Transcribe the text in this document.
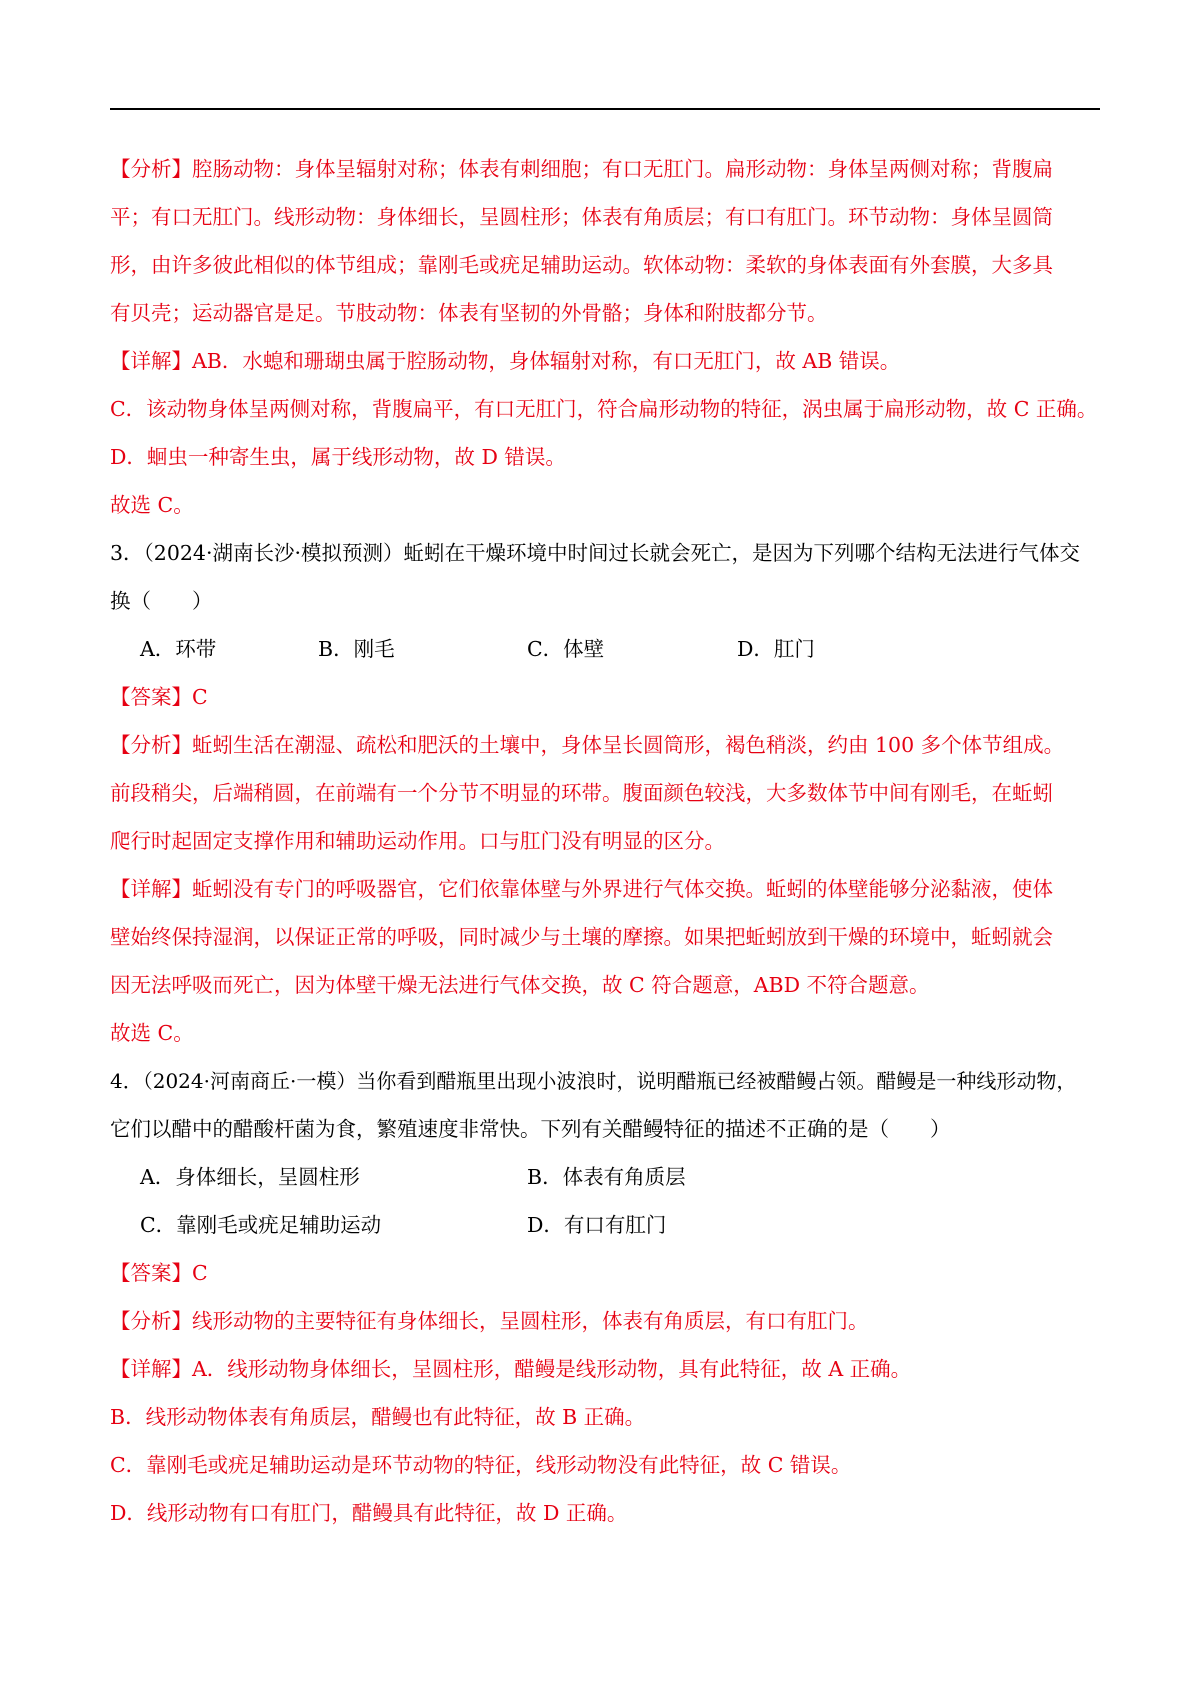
【分析】腔肠动物：身体呈辐射对称；体表有刺细胞；有口无肛门。扁形动物：身体呈两侧对称；背腹扁
平；有口无肛门。线形动物：身体细长，呈圆柱形；体表有角质层；有口有肛门。环节动物：身体呈圆筒
形，由许多彼此相似的体节组成；靠刚毛或疣足辅助运动。软体动物：柔软的身体表面有外套膜，大多具
有贝壳；运动器官是足。节肢动物：体表有坚韧的外骨骼；身体和附肢都分节。
【详解】AB．水螅和珊瑚虫属于腔肠动物，身体辐射对称，有口无肛门，故 AB 错误。
C．该动物身体呈两侧对称，背腹扁平，有口无肛门，符合扁形动物的特征，涡虫属于扁形动物，故 C 正确。
D．蛔虫一种寄生虫，属于线形动物，故 D 错误。
故选 C。
3．（2024·湖南长沙·模拟预测）蚯蚓在干燥环境中时间过长就会死亡，是因为下列哪个结构无法进行气体交
换（　　）
A．环带	B．刚毛	C．体壁	D．肛门
【答案】C
【分析】蚯蚓生活在潮湿、疏松和肥沃的土壤中，身体呈长圆筒形，褐色稍淡，约由 100 多个体节组成。
前段稍尖，后端稍圆，在前端有一个分节不明显的环带。腹面颜色较浅，大多数体节中间有刚毛，在蚯蚓
爬行时起固定支撑作用和辅助运动作用。口与肛门没有明显的区分。
【详解】蚯蚓没有专门的呼吸器官，它们依靠体壁与外界进行气体交换。蚯蚓的体壁能够分泌黏液，使体
壁始终保持湿润，以保证正常的呼吸，同时减少与土壤的摩擦。如果把蚯蚓放到干燥的环境中，蚯蚓就会
因无法呼吸而死亡，因为体壁干燥无法进行气体交换，故 C 符合题意，ABD 不符合题意。
故选 C。
4．（2024·河南商丘·一模）当你看到醋瓶里出现小波浪时，说明醋瓶已经被醋鳗占领。醋鳗是一种线形动物，
它们以醋中的醋酸杆菌为食，繁殖速度非常快。下列有关醋鳗特征的描述不正确的是（　　）
A．身体细长，呈圆柱形	B．体表有角质层
C．靠刚毛或疣足辅助运动	D．有口有肛门
【答案】C
【分析】线形动物的主要特征有身体细长，呈圆柱形，体表有角质层，有口有肛门。
【详解】A．线形动物身体细长，呈圆柱形，醋鳗是线形动物，具有此特征，故 A 正确。
B．线形动物体表有角质层，醋鳗也有此特征，故 B 正确。
C．靠刚毛或疣足辅助运动是环节动物的特征，线形动物没有此特征，故 C 错误。
D．线形动物有口有肛门，醋鳗具有此特征，故 D 正确。
